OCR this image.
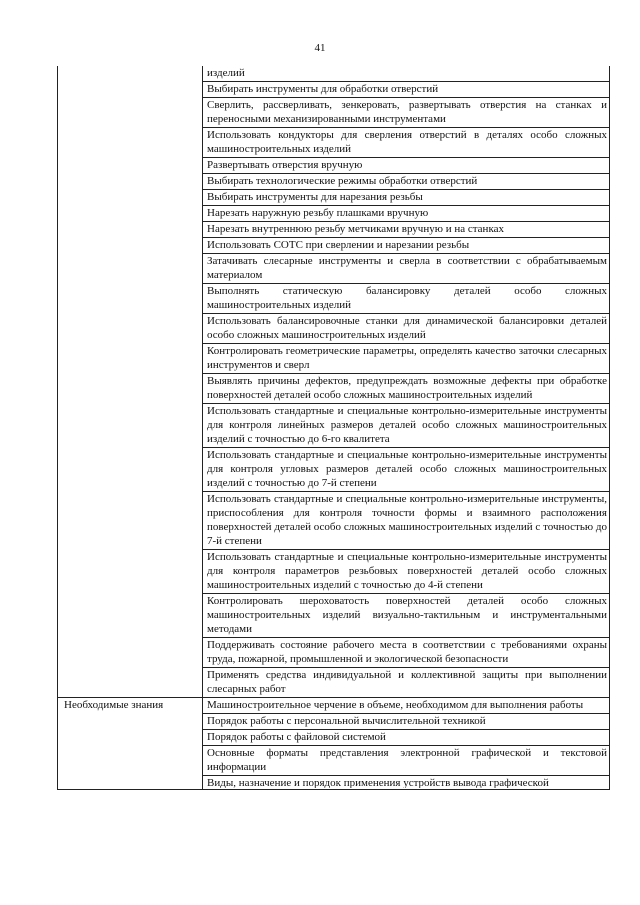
41
	изделий
	Выбирать инструменты для обработки отверстий
	Сверлить, рассверливать, зенкеровать, развертывать отверстия на станках и переносными механизированными инструментами
	Использовать кондукторы для сверления отверстий в деталях особо сложных машиностроительных изделий
	Развертывать отверстия вручную
	Выбирать технологические режимы обработки отверстий
	Выбирать инструменты для нарезания резьбы
	Нарезать наружную резьбу плашками вручную
	Нарезать внутреннюю резьбу метчиками вручную и на станках
	Использовать СОТС при сверлении и нарезании резьбы
	Затачивать слесарные инструменты и сверла в соответствии с обрабатываемым материалом
	Выполнять статическую балансировку деталей особо сложных машиностроительных изделий
	Использовать балансировочные станки для динамической балансировки деталей особо сложных машиностроительных изделий
	Контролировать геометрические параметры, определять качество заточки слесарных инструментов и сверл
	Выявлять причины дефектов, предупреждать возможные дефекты при обработке поверхностей деталей особо сложных машиностроительных изделий
	Использовать стандартные и специальные контрольно-измерительные инструменты для контроля линейных размеров деталей особо сложных машиностроительных изделий с точностью до 6-го квалитета
	Использовать стандартные и специальные контрольно-измерительные инструменты для контроля угловых размеров деталей особо сложных машиностроительных изделий с точностью до 7-й степени
	Использовать стандартные и специальные контрольно-измерительные инструменты, приспособления для контроля точности формы и взаимного расположения поверхностей деталей особо сложных машиностроительных изделий с точностью до 7-й степени
	Использовать стандартные и специальные контрольно-измерительные инструменты для контроля параметров резьбовых поверхностей деталей особо сложных машиностроительных изделий с точностью до 4-й степени
	Контролировать шероховатость поверхностей деталей особо сложных машиностроительных изделий визуально-тактильным и инструментальными методами
	Поддерживать состояние рабочего места в соответствии с требованиями охраны труда, пожарной, промышленной и экологической безопасности
	Применять средства индивидуальной и коллективной защиты при выполнении слесарных работ
Необходимые знания	Машиностроительное черчение в объеме, необходимом для выполнения работы
	Порядок работы с персональной вычислительной техникой
	Порядок работы с файловой системой
	Основные форматы представления электронной графической и текстовой информации

	Виды, назначение и порядок применения устройств вывода графической
